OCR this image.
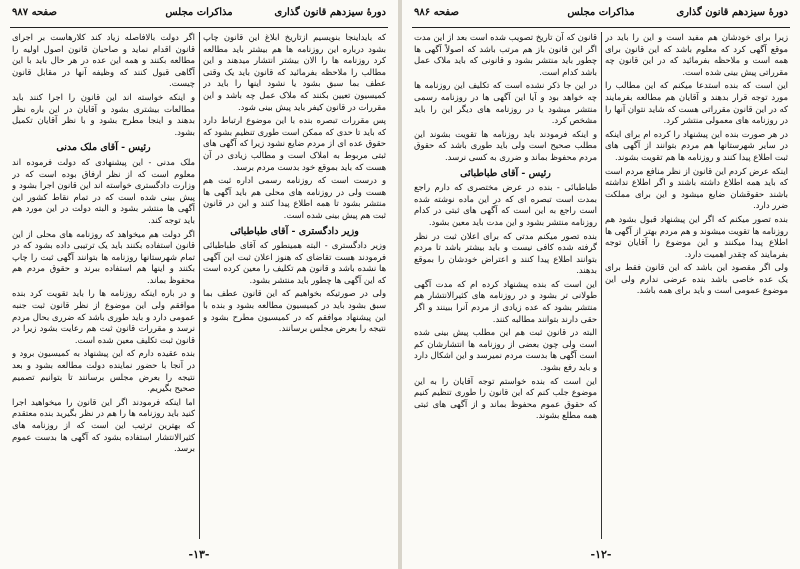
دورهٔ سیزدهم قانون گذاری
مذاکرات مجلس
صفحه ۹۸۷

که بایداینجا بنویسیم ازتاریخ ابلاغ این قانون چاپ بشود درباره این روزنامه ها هم بیشتر باید مطالعه کرد روزنامه ها را الان بیشتر انتشار میدهند و این مطالب را ملاحظه بفرمائید که قانون باید یک وقتی عطف بما سبق بشود یا نشود اینها را باید در کمیسیون تعیین بکنند که ملاک عمل چه باشد و این مقررات در قانون کیفر باید پیش بینی شود.

پس مقررات تبصره بنده با این موضوع ارتباط دارد که باید تا حدی که ممکن است طوری تنظیم بشود که حقوق عده ای از مردم ضایع نشود زیرا که آگهی های ثبتی مربوط به املاک است و مطالب زیادی در آن هست که باید بموقع خود بدست مردم برسد.

و درست است که روزنامه رسمی اداره ثبت هم هست ولی در روزنامه های محلی هم باید آگهی ها منتشر بشود تا همه اطلاع پیدا کنند و این در قانون ثبت هم پیش بینی شده است.

وزیر دادگستری - آقای طباطبائی

وزیر دادگستری - البته همینطور که آقای طباطبائی فرمودند هست تقاضای که هنوز اعلان ثبت این آگهی ها نشده باشد و قانون هم تکلیف را معین کرده است که این آگهی ها چطور باید منتشر بشود.

ولی در صورتیکه بخواهیم که این قانون عطف بما سبق بشود باید در کمیسیون مطالعه بشود و بنده با این پیشنهاد موافقم که در کمیسیون مطرح بشود و نتیجه را بعرض مجلس برسانند.

اگر دولت بالافاصله زیاد کند کلارهاست بر اجرای قانون اقدام نماید و صاحبان قانون اصول اولیه را مطالعه بکنند و همه این عده در هر حال باید با این آگاهی قبول کنند که وظیفه آنها در مقابل قانون چیست.

و اینکه خواسته اند این قانون را اجرا کنند باید مطالعات بیشتری بشود و آقایان در این باره نظر بدهند و اینجا مطرح بشود و با نظر آقایان تکمیل بشود.

رئیس - آقای ملک مدنی

ملک مدنی - این پیشنهادی که دولت فرموده اند معلوم است که از نظر ارفاق بوده است که در وزارت دادگستری خواسته اند این قانون اجرا بشود و پیش بینی شده است که در تمام نقاط کشور این آگهی ها منتشر بشود و البته دولت در این مورد هم باید توجه کند.

اگر دولت هم میخواهد که روزنامه های محلی از این قانون استفاده بکنند باید یک ترتیبی داده بشود که در تمام شهرستانها روزنامه ها بتوانند آگهی ثبت را چاپ بکنند و اینها هم استفاده ببرند و حقوق مردم هم محفوظ بماند.

و در باره اینکه روزنامه ها را باید تقویت کرد بنده موافقم ولی این موضوع از نظر قانون ثبت جنبه عمومی دارد و باید طوری باشد که ضرری بحال مردم نرسد و مقررات قانون ثبت هم رعایت بشود زیرا در قانون ثبت تکلیف معین شده است.

بنده عقیده دارم که این پیشنهاد به کمیسیون برود و در آنجا با حضور نماینده دولت مطالعه بشود و بعد نتیجه را بعرض مجلس برسانند تا بتوانیم تصمیم صحیح بگیریم.

اما اینکه فرمودند اگر این قانون را میخواهید اجرا کنید باید روزنامه ها را هم در نظر بگیرید بنده معتقدم که بهترین ترتیب این است که از روزنامه های کثیرالانتشار استفاده بشود که آگهی ها بدست عموم برسد.

-۱۳-
دورهٔ سیزدهم قانون گذاری
مذاکرات مجلس
صفحه ۹۸۶

زیرا برای خودشان هم مفید است و این را باید در موقع آگهی کرد که معلوم باشد که این قانون برای همه است و ملاحظه بفرمائید که در این قانون چه مقرراتی پیش بینی شده است.

این است که بنده استدعا میکنم که این مطالب را مورد توجه قرار بدهند و آقایان هم مطالعه بفرمایند که در این قانون مقرراتی هست که شاید نتوان آنها را در روزنامه های معمولی منتشر کرد.

در هر صورت بنده این پیشنهاد را کرده ام برای اینکه در سایر شهرستانها هم مردم بتوانند از آگهی های ثبت اطلاع پیدا کنند و روزنامه ها هم تقویت بشوند.

اینکه عرض کردم این قانون از نظر منافع مردم است که باید همه اطلاع داشته باشند و اگر اطلاع نداشته باشند حقوقشان ضایع میشود و این برای مملکت ضرر دارد.

بنده تصور میکنم که اگر این پیشنهاد قبول بشود هم روزنامه ها تقویت میشوند و هم مردم بهتر از آگهی ها اطلاع پیدا میکنند و این موضوع را آقایان توجه بفرمایند که چقدر اهمیت دارد.

ولی اگر مقصود این باشد که این قانون فقط برای یک عده خاصی باشد بنده عرضی ندارم ولی این موضوع عمومی است و باید برای همه باشد.

قانون که آن تاریخ تصویب شده است بعد از این مدت اگر این قانون باز هم مرتب باشد که اصولاً آگهی ها چطور باید منتشر بشود و قانونی که باید ملاک عمل باشد کدام است.

در این جا ذکر نشده است که تکلیف این روزنامه ها چه خواهد بود و آیا این آگهی ها در روزنامه رسمی منتشر میشود یا در روزنامه های دیگر این را باید مشخص کرد.

و اینکه فرمودند باید روزنامه ها تقویت بشوند این مطلب صحیح است ولی باید طوری باشد که حقوق مردم محفوظ بماند و ضرری به کسی نرسد.

رئیس - آقای طباطبائی

طباطبائی - بنده در عرض مختصری که دارم راجع بمدت است تبصره ای که در این ماده نوشته شده است راجع به این است که آگهی های ثبتی در کدام روزنامه منتشر بشود و این مدت باید معین بشود.

بنده تصور میکنم مدتی که برای اعلان ثبت در نظر گرفته شده کافی نیست و باید بیشتر باشد تا مردم بتوانند اطلاع پیدا کنند و اعتراض خودشان را بموقع بدهند.

این است که بنده پیشنهاد کرده ام که مدت آگهی طولانی تر بشود و در روزنامه های کثیرالانتشار هم منتشر بشود که عده زیادی از مردم آنرا ببینند و اگر حقی دارند بتوانند مطالبه کنند.

البته در قانون ثبت هم این مطلب پیش بینی شده است ولی چون بعضی از روزنامه ها انتشارشان کم است آگهی ها بدست مردم نمیرسد و این اشکال دارد و باید رفع بشود.

این است که بنده خواستم توجه آقایان را به این موضوع جلب کنم که این قانون را طوری تنظیم کنیم که حقوق عموم محفوظ بماند و از آگهی های ثبتی همه مطلع بشوند.

-۱۲-
